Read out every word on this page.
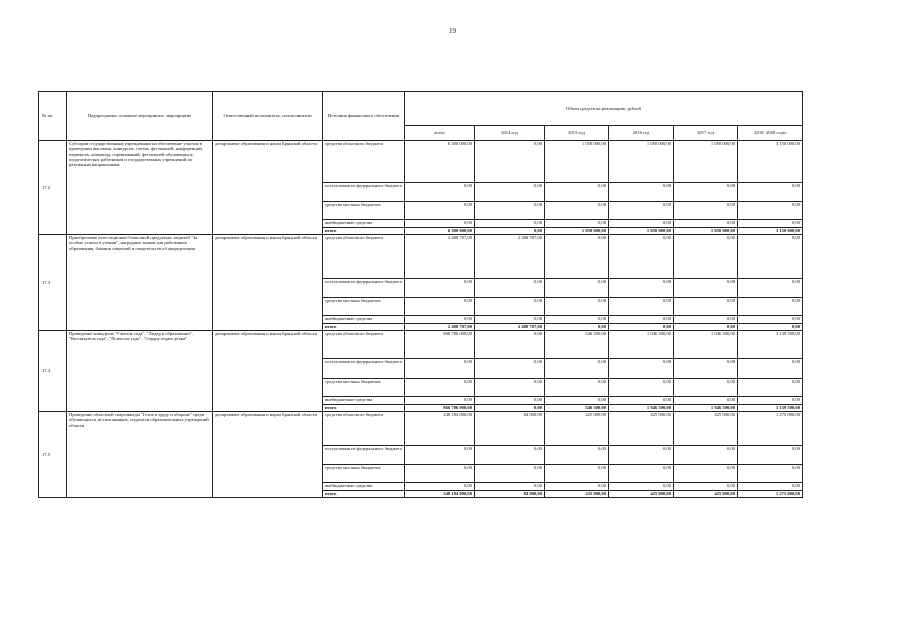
19
№ пп	Подпрограмма, основное мероприятие, мероприятие	Ответственный исполнитель, соисполнители	Источник финансового обеспечения	Объем средств на реализацию, рублей					
				всего	2014 год	2015 год	2016 год	2017 год	2018 -2020 годы
17.2	Субсидии государственным учреждениям на обеспечение участия в проведении выставок, конкурсов, слетов, фестивалей, конференций, первенств, олимпиад, соревнований, фестивалей обучающихся, педагогических работников и государственных учреждений по различным направлениям	департамент образования и науки Брянской области	средства областного бюджета	6 300 000,00	0,00	1 050 000,00	1 050 000,00	1 050 000,00	3 150 000,00
			поступления из федерального бюджета	0,00	0,00	0,00	0,00	0,00	0,00
			средства местных бюджетов	0,00	0,00	0,00	0,00	0,00	0,00
			внебюджетные средства	0,00	0,00	0,00	0,00	0,00	0,00
			итого	6 300 000,00	0,00	1 050 000,00	1 050 000,00	1 050 000,00	3 150 000,00
17.3	Приобретение аттестационно-бланочной продукции, медалей "За особые успехи в учении", нагрудных знаков для работников образования, бланков лицензий и свидетельств об аккредитации	департамент образования и науки Брянской области	средства областного бюджета	2 488 787,00	2 488 787,00	0,00	0,00	0,00	0,00
			поступления из федерального бюджета	0,00	0,00	0,00	0,00	0,00	0,00
			средства местных бюджетов	0,00	0,00	0,00	0,00	0,00	0,00
			внебюджетные средства	0,00	0,00	0,00	0,00	0,00	0,00
			итого	2 488 787,00	2 488 787,00	0,00	0,00	0,00	0,00
17.4	Проведение конкурсов "Учитель года", "Лидер в образовании", "Воспитатель года", "Психолог года", "Сердце отдаю детям"	департамент образования и науки Брянской области	средства областного бюджета	866 786 000,00	0,00	546 500,00	1 046 500,00	1 046 500,00	3 139 500,00
			поступления из федерального бюджета	0,00	0,00	0,00	0,00	0,00	0,00
			средства местных бюджетов	0,00	0,00	0,00	0,00	0,00	0,00
			внебюджетные средства	0,00	0,00	0,00	0,00	0,00	0,00
			итого	866 786 000,00	0,00	546 500,00	1 046 500,00	1 046 500,00	3 139 500,00
17.5	Проведение областной спартакиады "Готов к труду и обороне" среди обучающихся, воспитанников, студентов образовательных учреждений области	департамент образования и науки Брянской области	средства областного бюджета	248 184 000,00	84 000,00	225 000,00	425 000,00	425 000,00	1 275 000,00
			поступления из федерального бюджета	0,00	0,00	0,00	0,00	0,00	0,00
			средства местных бюджетов	0,00	0,00	0,00	0,00	0,00	0,00
			внебюджетные средства	0,00	0,00	0,00	0,00	0,00	0,00
			итого	248 184 000,00	84 000,00	225 000,00	425 000,00	425 000,00	1 275 000,00
